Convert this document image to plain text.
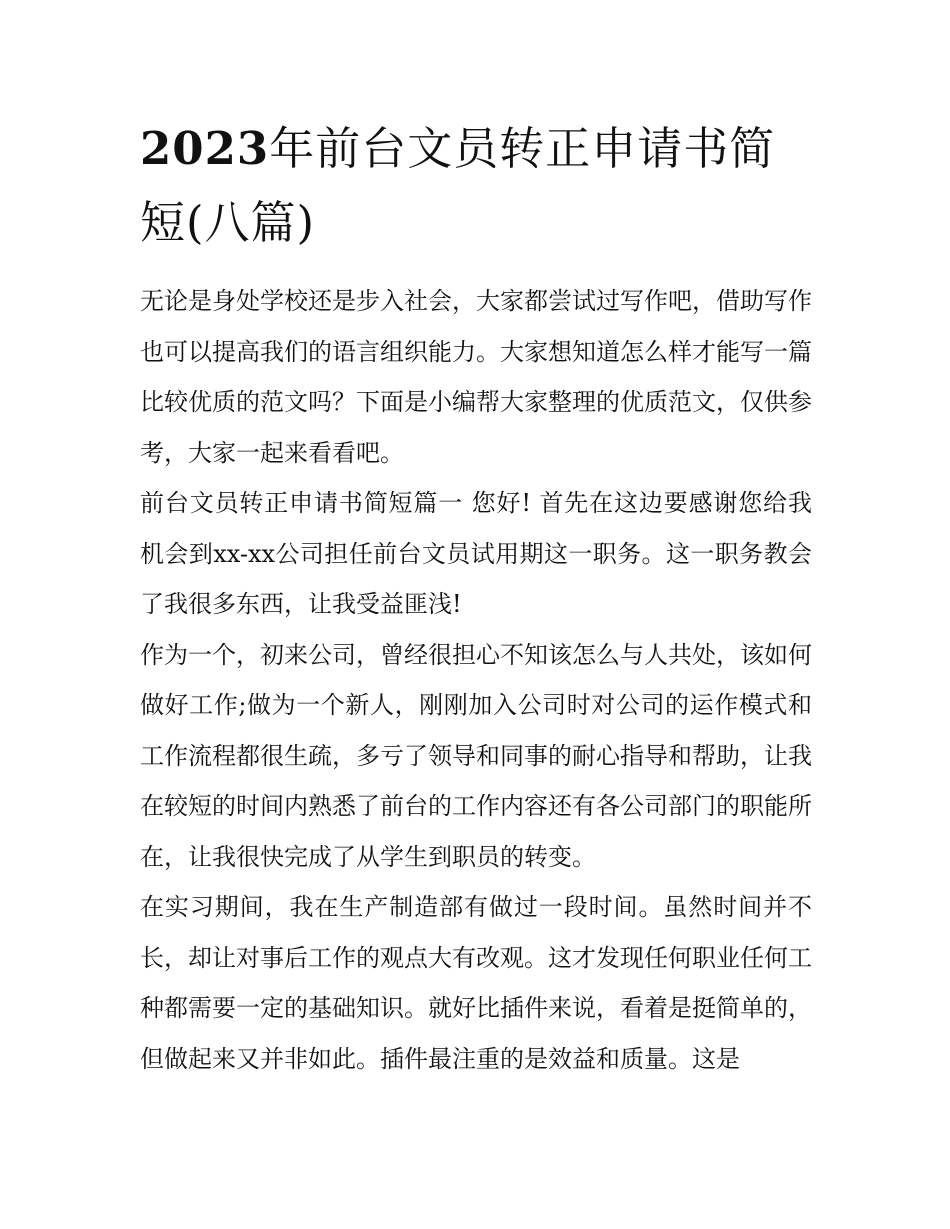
2023年前台文员转正申请书简短(八篇)

无论是身处学校还是步入社会，大家都尝试过写作吧，借助写作也可以提高我们的语言组织能力。大家想知道怎么样才能写一篇比较优质的范文吗？下面是小编帮大家整理的优质范文，仅供参考，大家一起来看看吧。

前台文员转正申请书简短篇一 您好! 首先在这边要感谢您给我机会到xx-xx公司担任前台文员试用期这一职务。这一职务教会了我很多东西，让我受益匪浅!

作为一个，初来公司，曾经很担心不知该怎么与人共处，该如何做好工作;做为一个新人，刚刚加入公司时对公司的运作模式和工作流程都很生疏，多亏了领导和同事的耐心指导和帮助，让我在较短的时间内熟悉了前台的工作内容还有各公司部门的职能所在，让我很快完成了从学生到职员的转变。

在实习期间，我在生产制造部有做过一段时间。虽然时间并不长，却让对事后工作的观点大有改观。这才发现任何职业任何工种都需要一定的基础知识。就好比插件来说，看着是挺简单的，但做起来又并非如此。插件最注重的是效益和质量。这是
